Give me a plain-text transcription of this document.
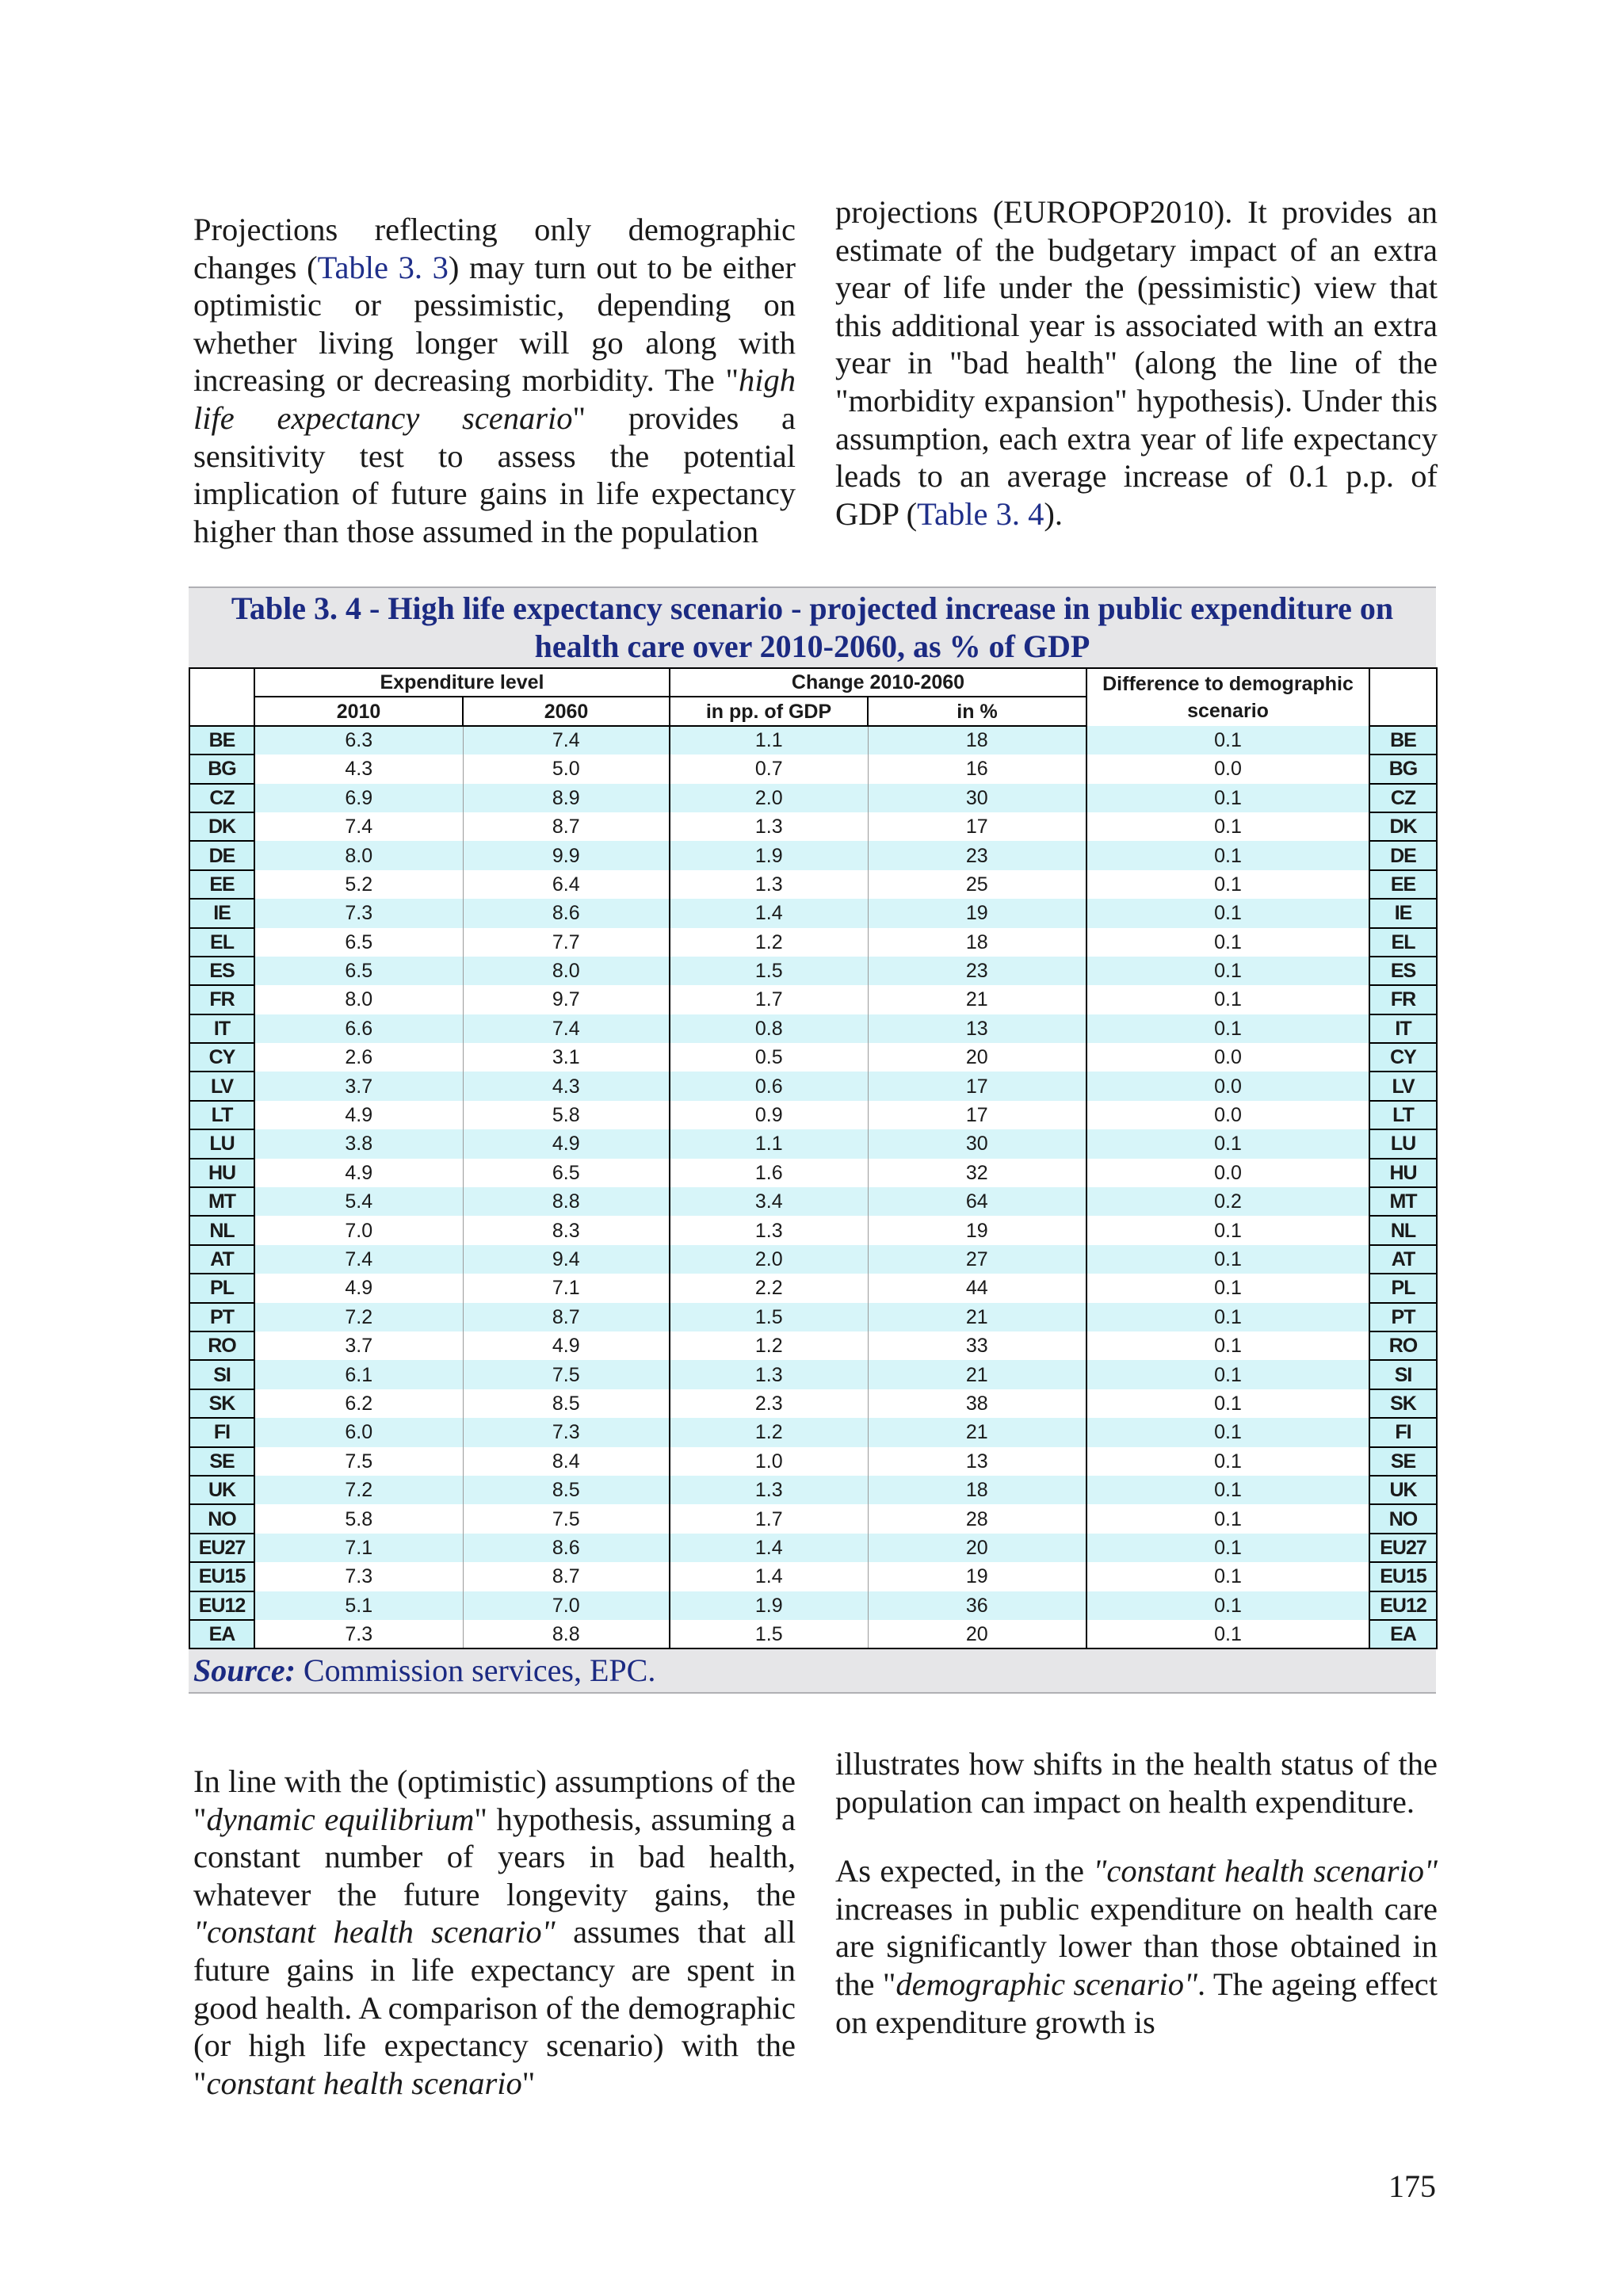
Projections reflecting only demographic changes (Table 3. 3) may turn out to be either optimistic or pessimistic, depending on whether living longer will go along with increasing or decreasing morbidity. The "high life expectancy scenario" provides a sensitivity test to assess the potential implication of future gains in life expectancy higher than those assumed in the population

projections (EUROPOP2010). It provides an estimate of the budgetary impact of an extra year of life under the (pessimistic) view that this additional year is associated with an extra year in "bad health" (along the line of the "morbidity expansion" hypothesis). Under this assumption, each extra year of life expectancy leads to an average increase of 0.1 p.p. of GDP (Table 3. 4).

Table 3. 4 - High life expectancy scenario - projected increase in public expenditure on health care over 2010-2060, as % of GDP
	Expenditure level		Change 2010-2060		Difference to demographic scenario	
	2010	2060	in pp. of GDP	in %		
BE	6.3	7.4	1.1	18	0.1	BE
BG	4.3	5.0	0.7	16	0.0	BG
CZ	6.9	8.9	2.0	30	0.1	CZ
DK	7.4	8.7	1.3	17	0.1	DK
DE	8.0	9.9	1.9	23	0.1	DE
EE	5.2	6.4	1.3	25	0.1	EE
IE	7.3	8.6	1.4	19	0.1	IE
EL	6.5	7.7	1.2	18	0.1	EL
ES	6.5	8.0	1.5	23	0.1	ES
FR	8.0	9.7	1.7	21	0.1	FR
IT	6.6	7.4	0.8	13	0.1	IT
CY	2.6	3.1	0.5	20	0.0	CY
LV	3.7	4.3	0.6	17	0.0	LV
LT	4.9	5.8	0.9	17	0.0	LT
LU	3.8	4.9	1.1	30	0.1	LU
HU	4.9	6.5	1.6	32	0.0	HU
MT	5.4	8.8	3.4	64	0.2	MT
NL	7.0	8.3	1.3	19	0.1	NL
AT	7.4	9.4	2.0	27	0.1	AT
PL	4.9	7.1	2.2	44	0.1	PL
PT	7.2	8.7	1.5	21	0.1	PT
RO	3.7	4.9	1.2	33	0.1	RO
SI	6.1	7.5	1.3	21	0.1	SI
SK	6.2	8.5	2.3	38	0.1	SK
FI	6.0	7.3	1.2	21	0.1	FI
SE	7.5	8.4	1.0	13	0.1	SE
UK	7.2	8.5	1.3	18	0.1	UK
NO	5.8	7.5	1.7	28	0.1	NO
EU27	7.1	8.6	1.4	20	0.1	EU27
EU15	7.3	8.7	1.4	19	0.1	EU15
EU12	5.1	7.0	1.9	36	0.1	EU12
EA	7.3	8.8	1.5	20	0.1	EA
Source: Commission services, EPC.

In line with the (optimistic) assumptions of the "dynamic equilibrium" hypothesis, assuming a constant number of years in bad health, whatever the future longevity gains, the "constant health scenario" assumes that all future gains in life expectancy are spent in good health. A comparison of the demographic (or high life expectancy scenario) with the "constant health scenario"

illustrates how shifts in the health status of the population can impact on health expenditure.

As expected, in the "constant health scenario" increases in public expenditure on health care are significantly lower than those obtained in the "demographic scenario". The ageing effect on expenditure growth is

175
